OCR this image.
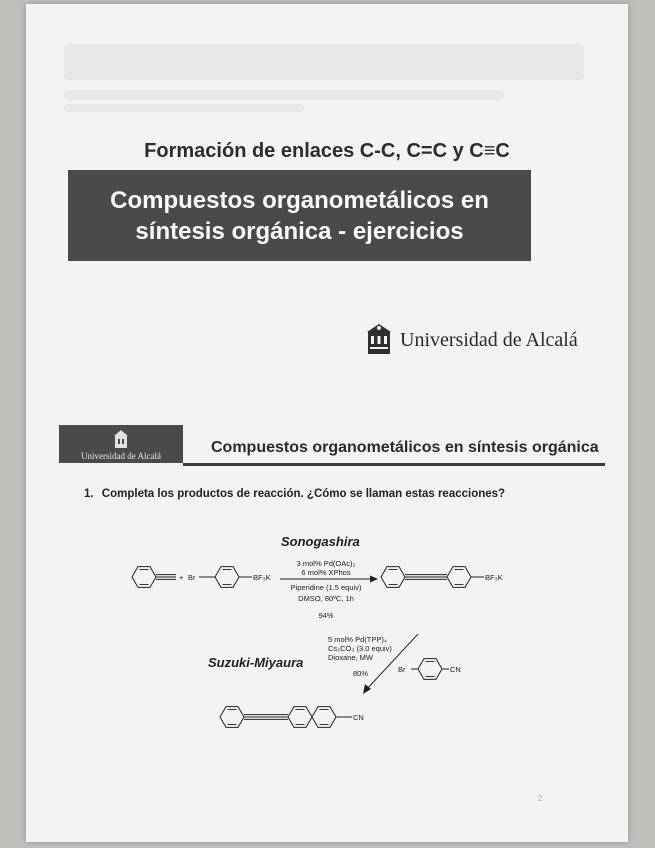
Formación de enlaces C-C, C=C y C≡C
Compuestos organometálicos en
síntesis orgánica - ejercicios
Universidad de Alcalá
Universidad de Alcalá	Compuestos organometálicos en síntesis orgánica
1. Completa los productos de reacción. ¿Cómo se llaman estas reacciones?
Sonogashira
Suzuki-Miyaura
+ Br	BF₃K	BF₃K
Br	CN
CN
3 mol% Pd(OAc)₂
6 mol% XPhos
Piperidine (1.5 equiv)
DMSO, 80ºC, 1h
94%
5 mol% Pd(TPP)₄
Cs₂CO₃ (3.0 equiv)
Dioxane, MW
80%
2
